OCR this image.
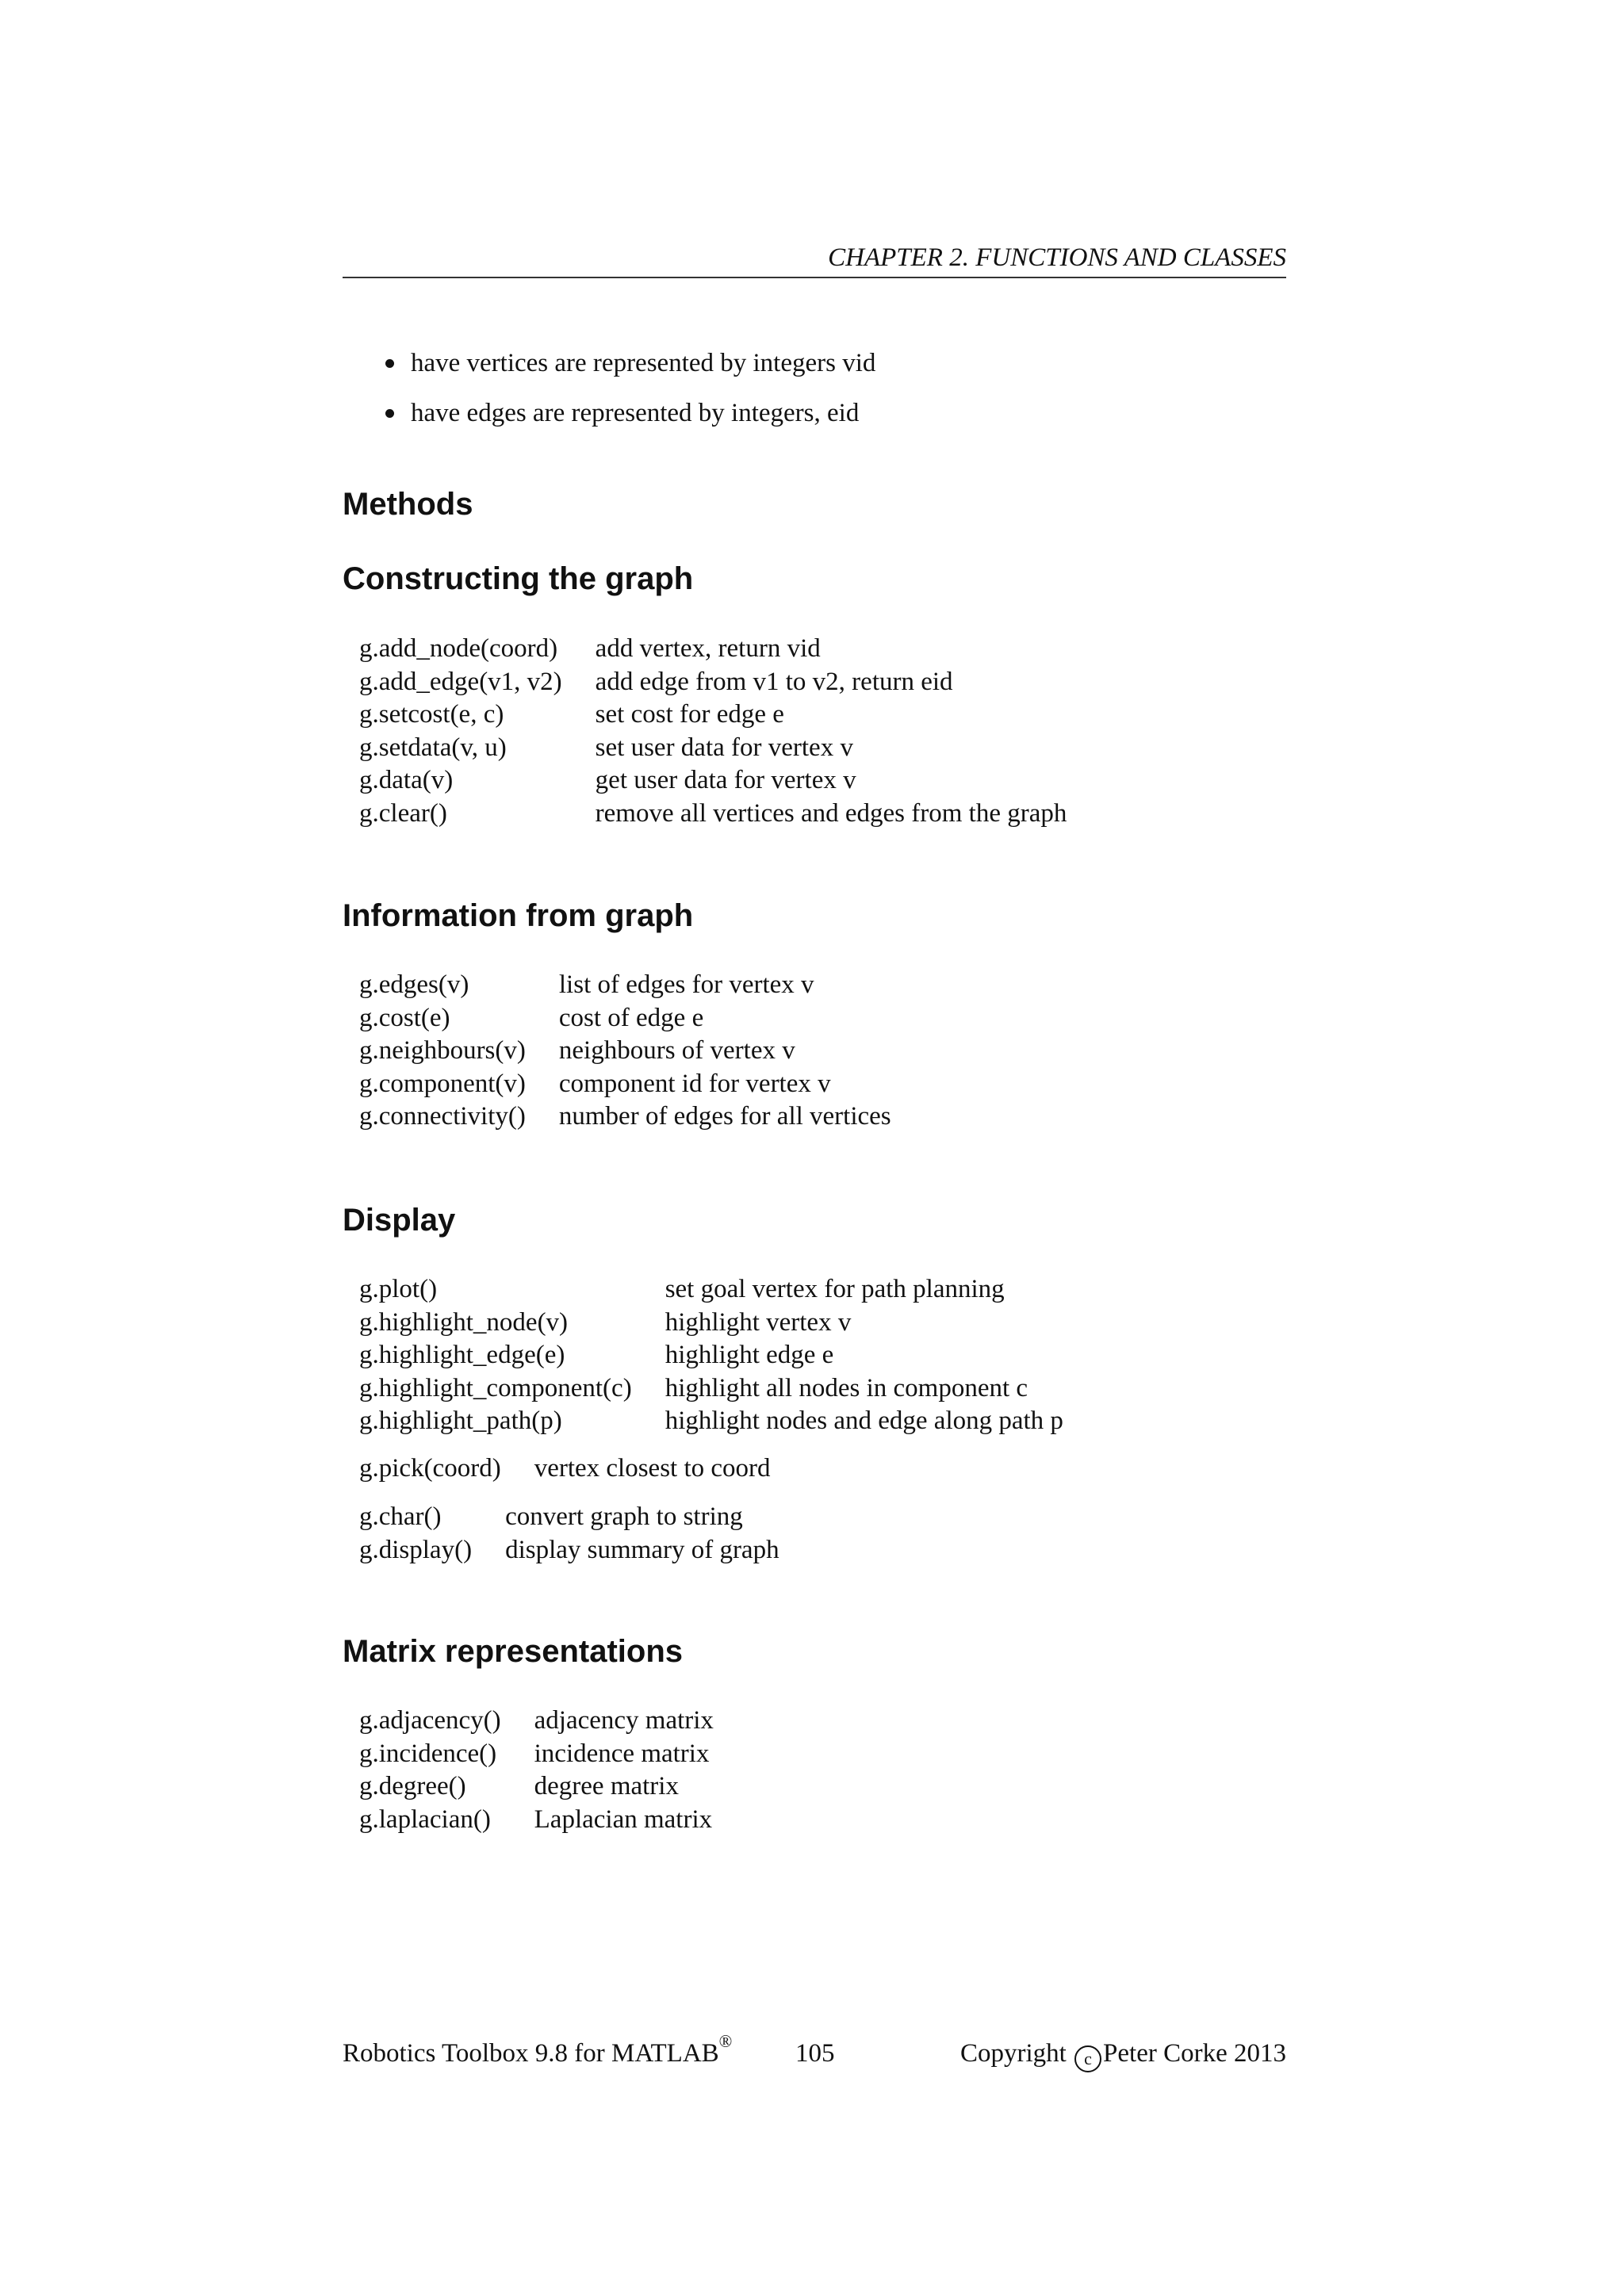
CHAPTER 2. FUNCTIONS AND CLASSES
have vertices are represented by integers vid
have edges are represented by integers, eid
Methods
Constructing the graph
g.add_node(coord)	add vertex, return vid
g.add_edge(v1, v2)	add edge from v1 to v2, return eid
g.setcost(e, c)	set cost for edge e
g.setdata(v, u)	set user data for vertex v
g.data(v)	get user data for vertex v
g.clear()	remove all vertices and edges from the graph
Information from graph
g.edges(v)	list of edges for vertex v
g.cost(e)	cost of edge e
g.neighbours(v)	neighbours of vertex v
g.component(v)	component id for vertex v
g.connectivity()	number of edges for all vertices
Display
g.plot()	set goal vertex for path planning
g.highlight_node(v)	highlight vertex v
g.highlight_edge(e)	highlight edge e
g.highlight_component(c)	highlight all nodes in component c
g.highlight_path(p)	highlight nodes and edge along path p
g.pick(coord)	vertex closest to coord
g.char()	convert graph to string
g.display()	display summary of graph
Matrix representations
g.adjacency()	adjacency matrix
g.incidence()	incidence matrix
g.degree()	degree matrix
g.laplacian()	Laplacian matrix
Robotics Toolbox 9.8 for MATLAB® 105	Copyright c Peter Corke 2013
